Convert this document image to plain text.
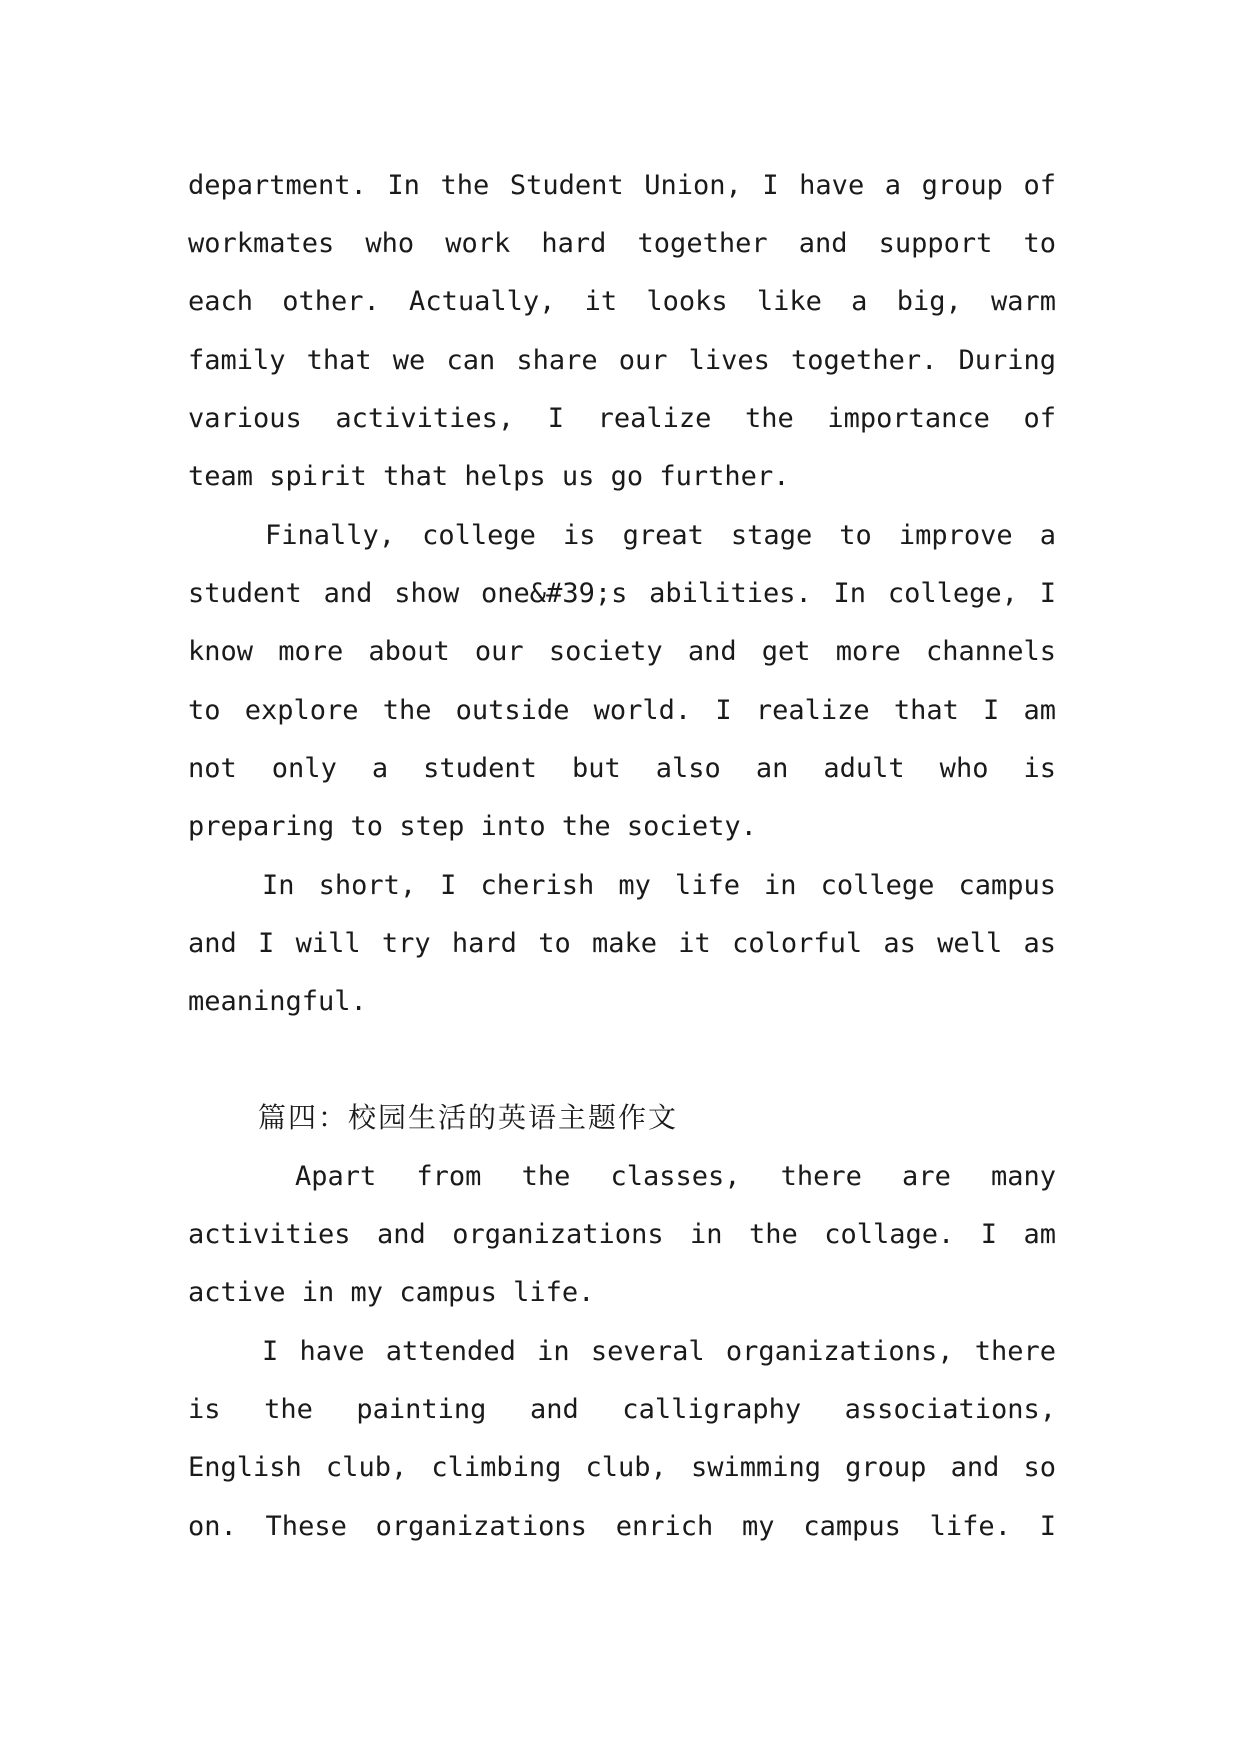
department. In the Student Union, I have a group of
workmates who work hard together and support to
each other. Actually, it looks like a big, warm
family that we can share our lives together. During
various activities, I realize the importance of
team spirit that helps us go further.
Finally, college is great stage to improve a
student and show one&#39;s abilities. In college, I
know more about our society and get more channels
to explore the outside world. I realize that I am
not only a student but also an adult who is
preparing to step into the society.
In short, I cherish my life in college campus
and I will try hard to make it colorful as well as
meaningful.
篇四：校园生活的英语主题作文
Apart from the classes, there are many
activities and organizations in the collage. I am
active in my campus life.
I have attended in several organizations, there
is the painting and calligraphy associations,
English club, climbing club, swimming group and so
on. These organizations enrich my campus life. I
